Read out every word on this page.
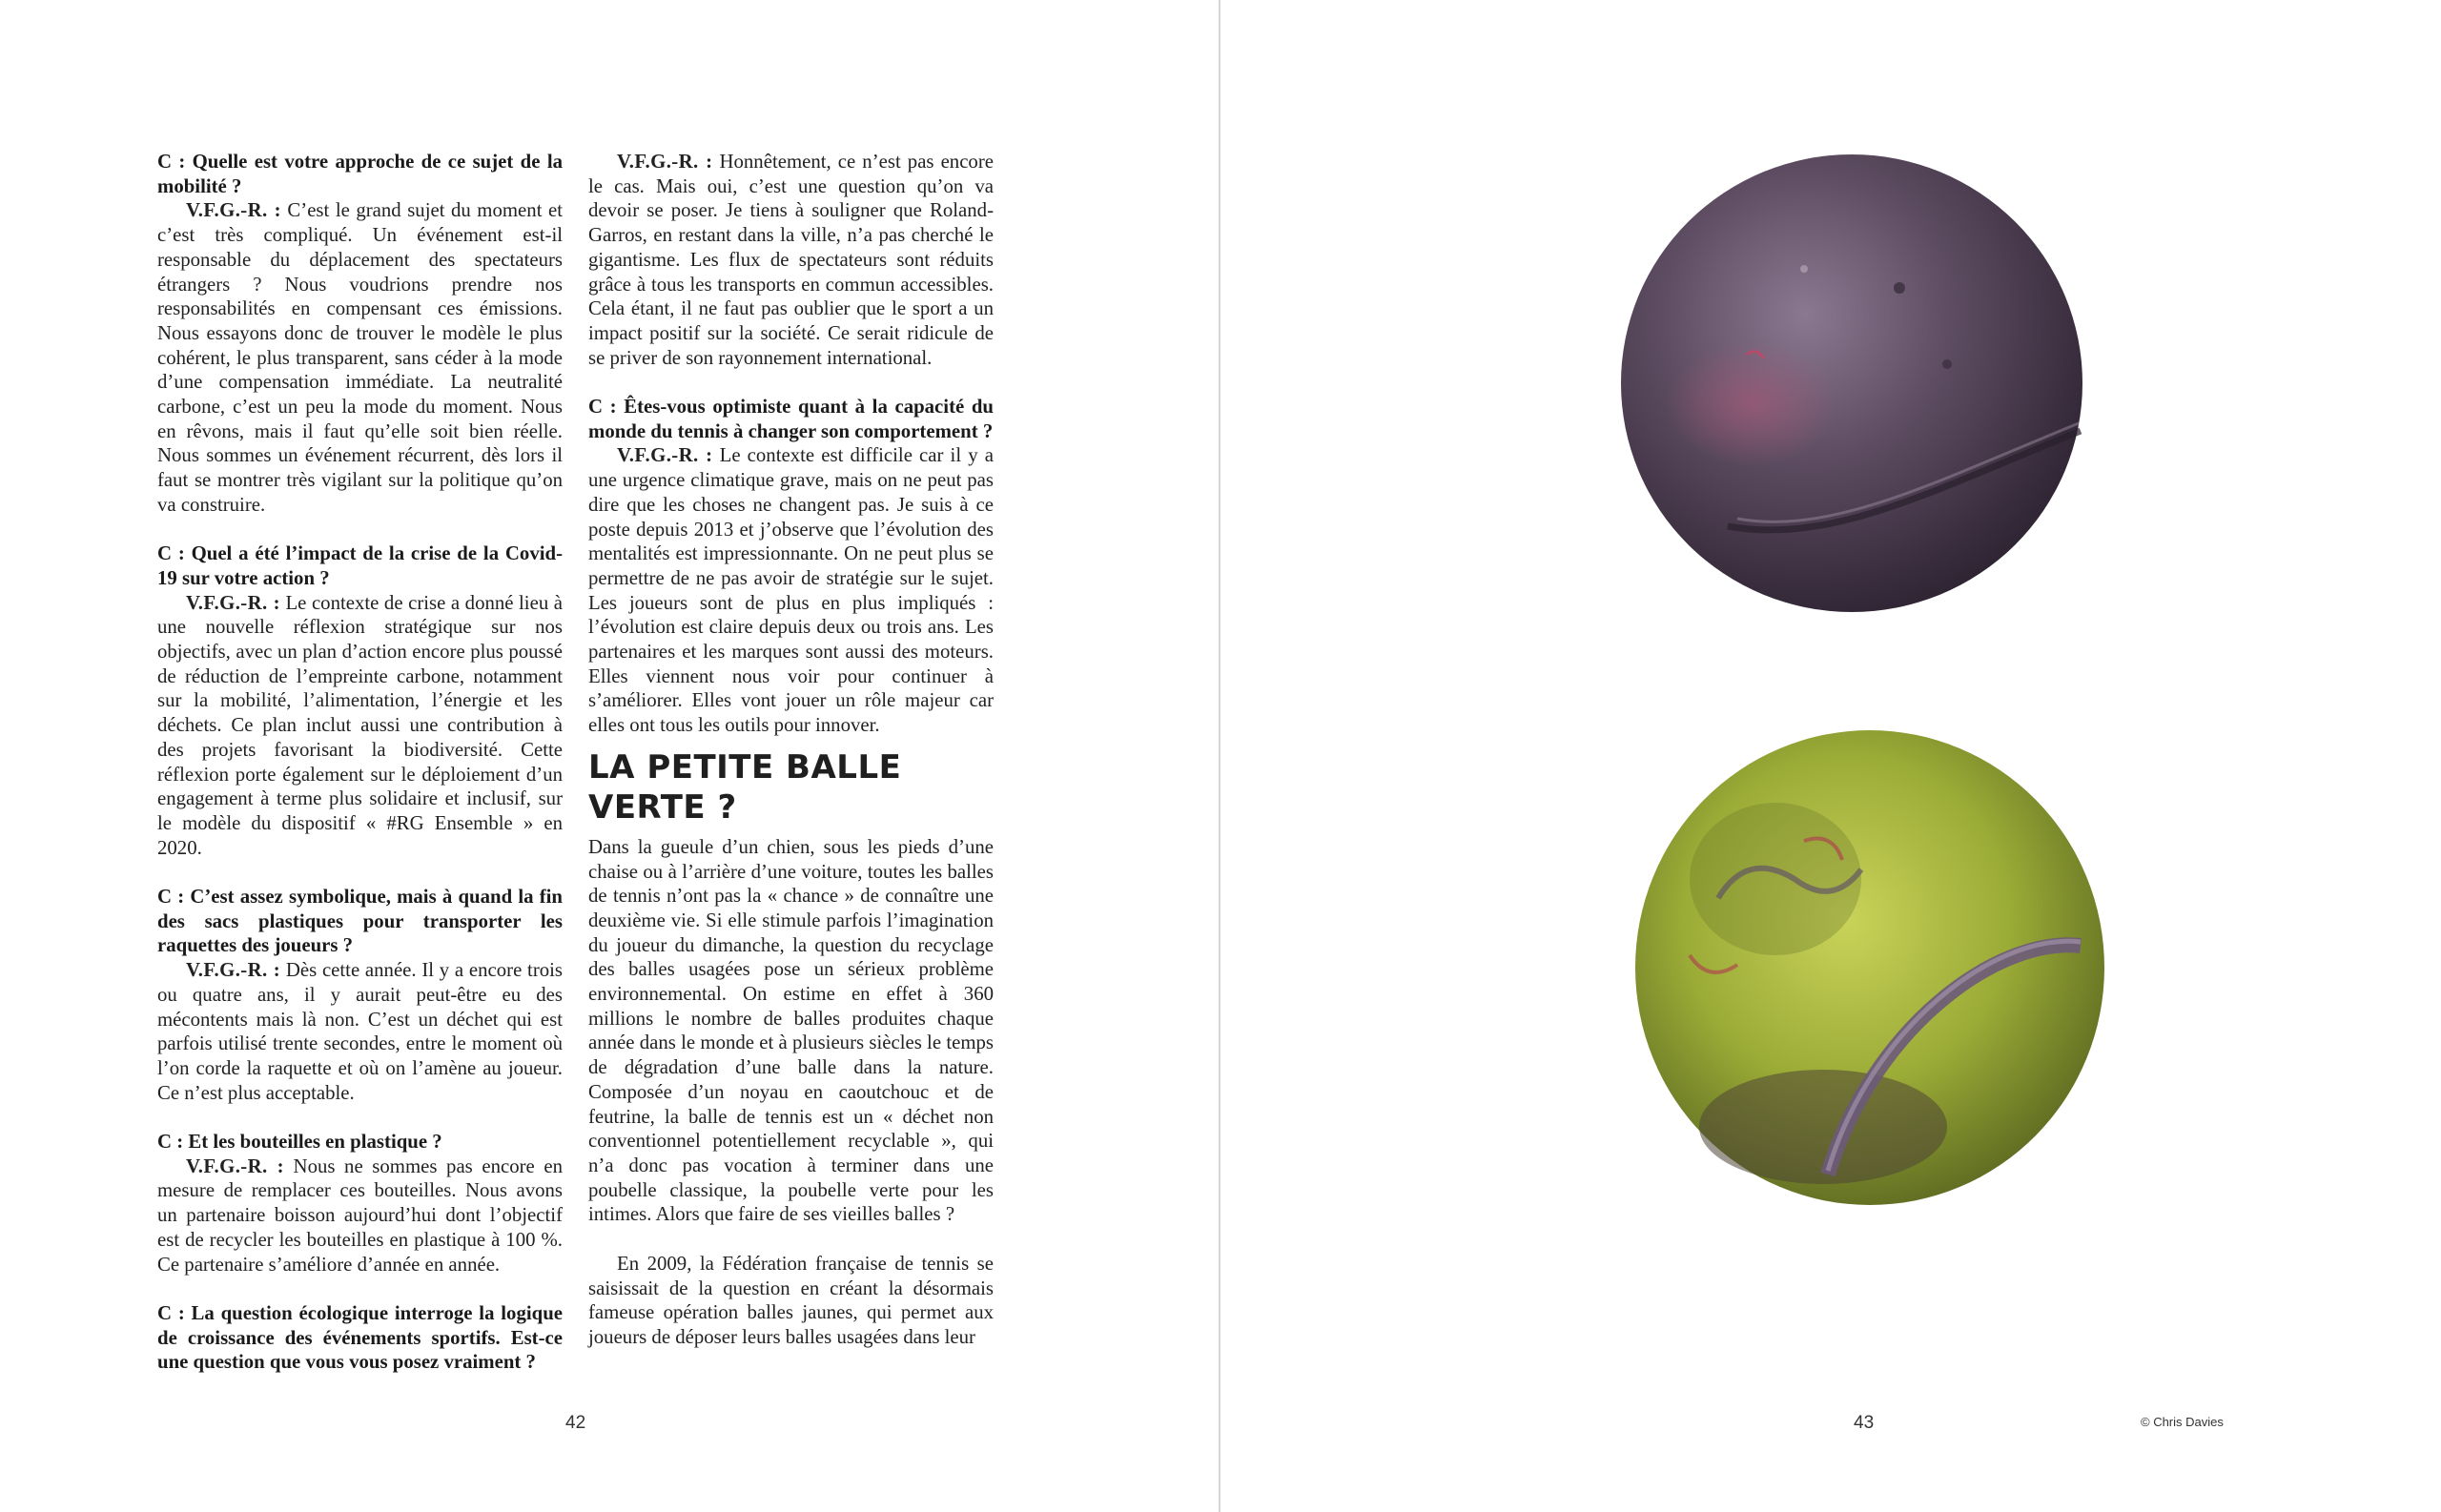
C : Quelle est votre approche de ce sujet de la mobilité ?

V.F.G.-R. : C’est le grand sujet du moment et c’est très compliqué. Un événement est-il responsable du déplacement des spectateurs étrangers ? Nous voudrions prendre nos responsabilités en compensant ces émissions. Nous essayons donc de trouver le modèle le plus cohérent, le plus transparent, sans céder à la mode d’une compensation immédiate. La neutralité carbone, c’est un peu la mode du moment. Nous en rêvons, mais il faut qu’elle soit bien réelle. Nous sommes un événement récurrent, dès lors il faut se montrer très vigilant sur la politique qu’on va construire.

C : Quel a été l’impact de la crise de la Covid-19 sur votre action ?

V.F.G.-R. : Le contexte de crise a donné lieu à une nouvelle réflexion stratégique sur nos objectifs, avec un plan d’action encore plus poussé de réduction de l’empreinte carbone, notamment sur la mobilité, l’alimentation, l’énergie et les déchets. Ce plan inclut aussi une contribution à des projets favorisant la biodiversité. Cette réflexion porte également sur le déploiement d’un engagement à terme plus solidaire et inclusif, sur le modèle du dispositif « #RG Ensemble » en 2020.

C : C’est assez symbolique, mais à quand la fin des sacs plastiques pour transporter les raquettes des joueurs ?

V.F.G.-R. : Dès cette année. Il y a encore trois ou quatre ans, il y aurait peut-être eu des mécontents mais là non. C’est un déchet qui est parfois utilisé trente secondes, entre le moment où l’on corde la raquette et où on l’amène au joueur. Ce n’est plus acceptable.

C : Et les bouteilles en plastique ?

V.F.G.-R. : Nous ne sommes pas encore en mesure de remplacer ces bouteilles. Nous avons un partenaire boisson aujourd’hui dont l’objectif est de recycler les bouteilles en plastique à 100 %. Ce partenaire s’améliore d’année en année.

C : La question écologique interroge la logique de croissance des événements sportifs. Est-ce une question que vous vous posez vraiment ?

V.F.G.-R. : Honnêtement, ce n’est pas encore le cas. Mais oui, c’est une question qu’on va devoir se poser. Je tiens à souligner que Roland-Garros, en restant dans la ville, n’a pas cherché le gigantisme. Les flux de spectateurs sont réduits grâce à tous les transports en commun accessibles. Cela étant, il ne faut pas oublier que le sport a un impact positif sur la société. Ce serait ridicule de se priver de son rayonnement international.

C : Êtes-vous optimiste quant à la capacité du monde du tennis à changer son comportement ?

V.F.G.-R. : Le contexte est difficile car il y a une urgence climatique grave, mais on ne peut pas dire que les choses ne changent pas. Je suis à ce poste depuis 2013 et j’observe que l’évolution des mentalités est impressionnante. On ne peut plus se permettre de ne pas avoir de stratégie sur le sujet. Les joueurs sont de plus en plus impliqués : l’évolution est claire depuis deux ou trois ans. Les partenaires et les marques sont aussi des moteurs. Elles viennent nous voir pour continuer à s’améliorer. Elles vont jouer un rôle majeur car elles ont tous les outils pour innover.

LA PETITE BALLE VERTE ?

Dans la gueule d’un chien, sous les pieds d’une chaise ou à l’arrière d’une voiture, toutes les balles de tennis n’ont pas la « chance » de connaître une deuxième vie. Si elle stimule parfois l’imagination du joueur du dimanche, la question du recyclage des balles usagées pose un sérieux problème environnemental. On estime en effet à 360 millions le nombre de balles produites chaque année dans le monde et à plusieurs siècles le temps de dégradation d’une balle dans la nature. Composée d’un noyau en caoutchouc et de feutrine, la balle de tennis est un « déchet non conventionnel potentiellement recyclable », qui n’a donc pas vocation à terminer dans une poubelle classique, la poubelle verte pour les intimes. Alors que faire de ses vieilles balles ?

En 2009, la Fédération française de tennis se saisissait de la question en créant la désormais fameuse opération balles jaunes, qui permet aux joueurs de déposer leurs balles usagées dans leur

42	43	© Chris Davies
